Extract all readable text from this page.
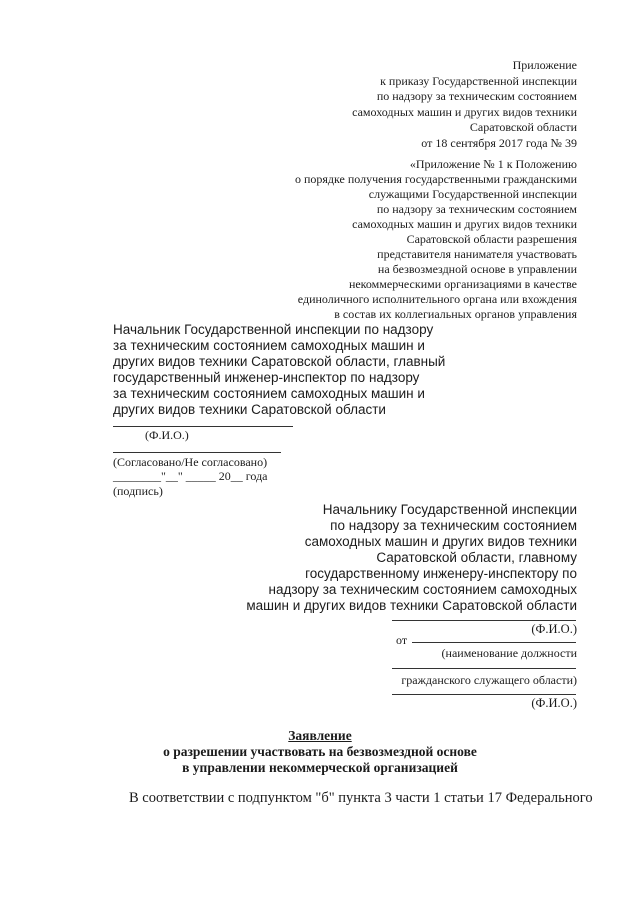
Приложение
к приказу Государственной инспекции
по надзору за техническим состоянием
самоходных машин и других видов техники
Саратовской области
от 18 сентября 2017 года № 39
«Приложение № 1 к Положению
о порядке получения государственными гражданскими
служащими Государственной инспекции
по надзору за техническим состоянием
самоходных машин и других видов техники
Саратовской области разрешения
представителя нанимателя участвовать
на безвозмездной основе в управлении
некоммерческими организациями в качестве
единоличного исполнительного органа или вхождения
в состав их коллегиальных органов управления
Начальник Государственной инспекции по надзору
за техническим состоянием самоходных машин и
других видов техники Саратовской области, главный
государственный инженер-инспектор по надзору
за техническим состоянием самоходных машин и
других видов техники Саратовской области
(Ф.И.О.)
(Согласовано/Не согласовано)
________"__" _____ 20__ года
(подпись)
Начальнику Государственной инспекции
по надзору за техническим состоянием
самоходных машин и других видов техники
Саратовской области, главному
государственному инженеру-инспектору по
надзору за техническим состоянием самоходных
машин и других видов техники Саратовской области
(Ф.И.О.)
от
(наименование должности
гражданского служащего области)
(Ф.И.О.)
Заявление
о разрешении участвовать на безвозмездной основе
в управлении некоммерческой организацией
В соответствии с подпунктом "б" пункта 3 части 1 статьи 17 Федерального
